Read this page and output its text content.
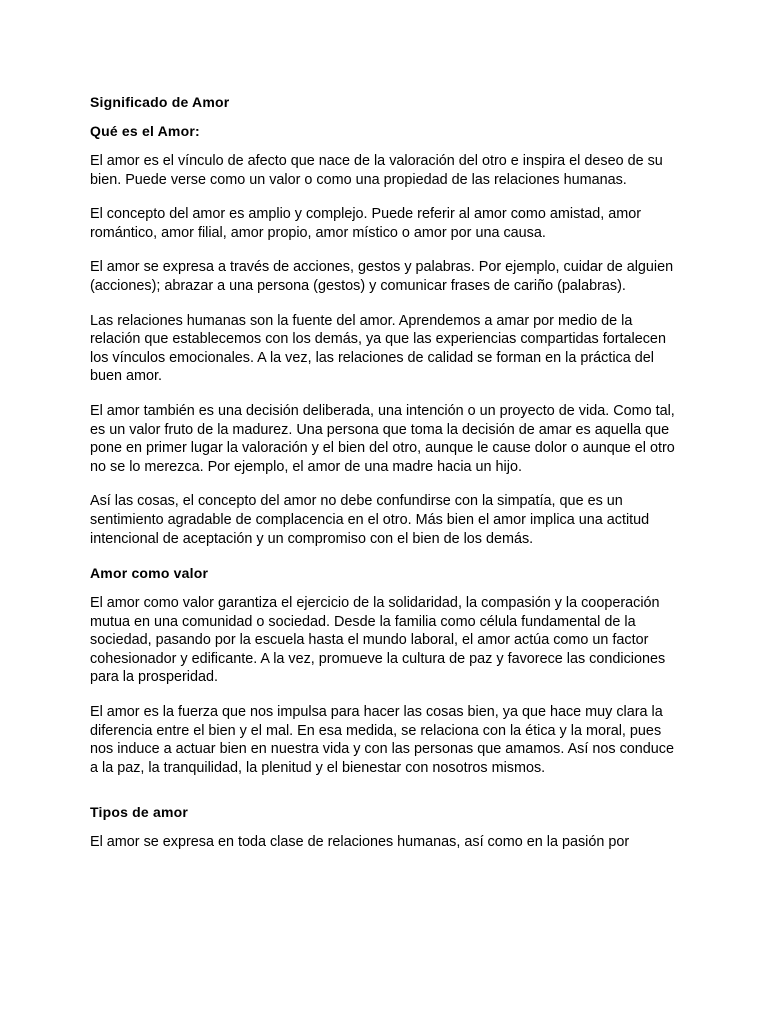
Significado de Amor
Qué es el Amor:

El amor es el vínculo de afecto que nace de la valoración del otro e inspira el deseo de su bien. Puede verse como un valor o como una propiedad de las relaciones humanas.

El concepto del amor es amplio y complejo. Puede referir al amor como amistad, amor romántico, amor filial, amor propio, amor místico o amor por una causa.

El amor se expresa a través de acciones, gestos y palabras. Por ejemplo, cuidar de alguien (acciones); abrazar a una persona (gestos) y comunicar frases de cariño (palabras).

Las relaciones humanas son la fuente del amor. Aprendemos a amar por medio de la relación que establecemos con los demás, ya que las experiencias compartidas fortalecen los vínculos emocionales. A la vez, las relaciones de calidad se forman en la práctica del buen amor.

El amor también es una decisión deliberada, una intención o un proyecto de vida. Como tal, es un valor fruto de la madurez. Una persona que toma la decisión de amar es aquella que pone en primer lugar la valoración y el bien del otro, aunque le cause dolor o aunque el otro no se lo merezca. Por ejemplo, el amor de una madre hacia un hijo.

Así las cosas, el concepto del amor no debe confundirse con la simpatía, que es un sentimiento agradable de complacencia en el otro. Más bien el amor implica una actitud intencional de aceptación y un compromiso con el bien de los demás.

Amor como valor

El amor como valor garantiza el ejercicio de la solidaridad, la compasión y la cooperación mutua en una comunidad o sociedad. Desde la familia como célula fundamental de la sociedad, pasando por la escuela hasta el mundo laboral, el amor actúa como un factor cohesionador y edificante. A la vez, promueve la cultura de paz y favorece las condiciones para la prosperidad.

El amor es la fuerza que nos impulsa para hacer las cosas bien, ya que hace muy clara la diferencia entre el bien y el mal. En esa medida, se relaciona con la ética y la moral, pues nos induce a actuar bien en nuestra vida y con las personas que amamos. Así nos conduce a la paz, la tranquilidad, la plenitud y el bienestar con nosotros mismos.

Tipos de amor

El amor se expresa en toda clase de relaciones humanas, así como en la pasión por
